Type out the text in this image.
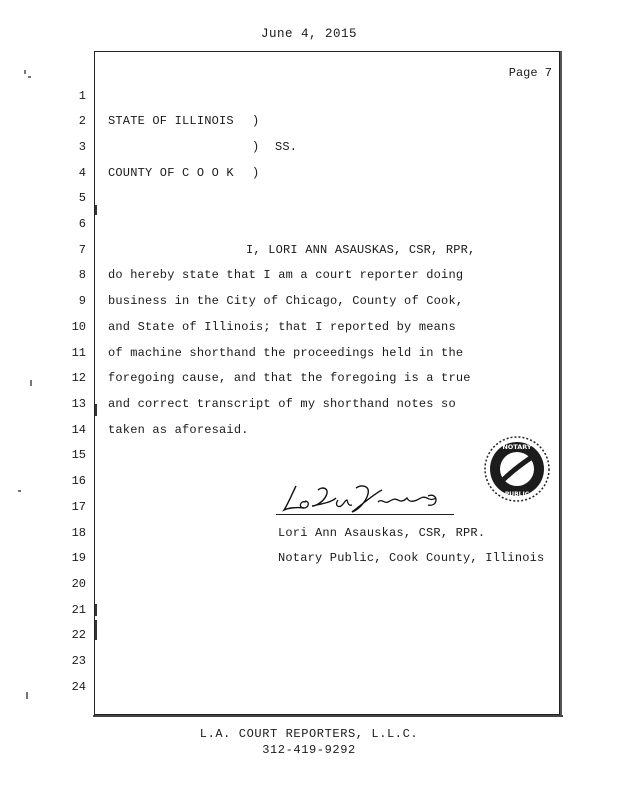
June 4, 2015
Page 7
1
2
3
4
5
6
7
8
9
10
11
12
13
14
15
16
17
18
19
20
21
22
23
24
STATE OF ILLINOIS )
) SS.
COUNTY OF C O O K )
I, LORI ANN ASAUSKAS, CSR, RPR,
do hereby state that I am a court reporter doing
business in the City of Chicago, County of Cook,
and State of Illinois; that I reported by means
of machine shorthand the proceedings held in the
foregoing cause, and that the foregoing is a true
and correct transcript of my shorthand notes so
taken as aforesaid.
Lori Ann Asauskas, CSR, RPR.
Notary Public, Cook County, Illinois
NOTARY
PUBLIC
L.A. COURT REPORTERS, L.L.C.
312-419-9292
